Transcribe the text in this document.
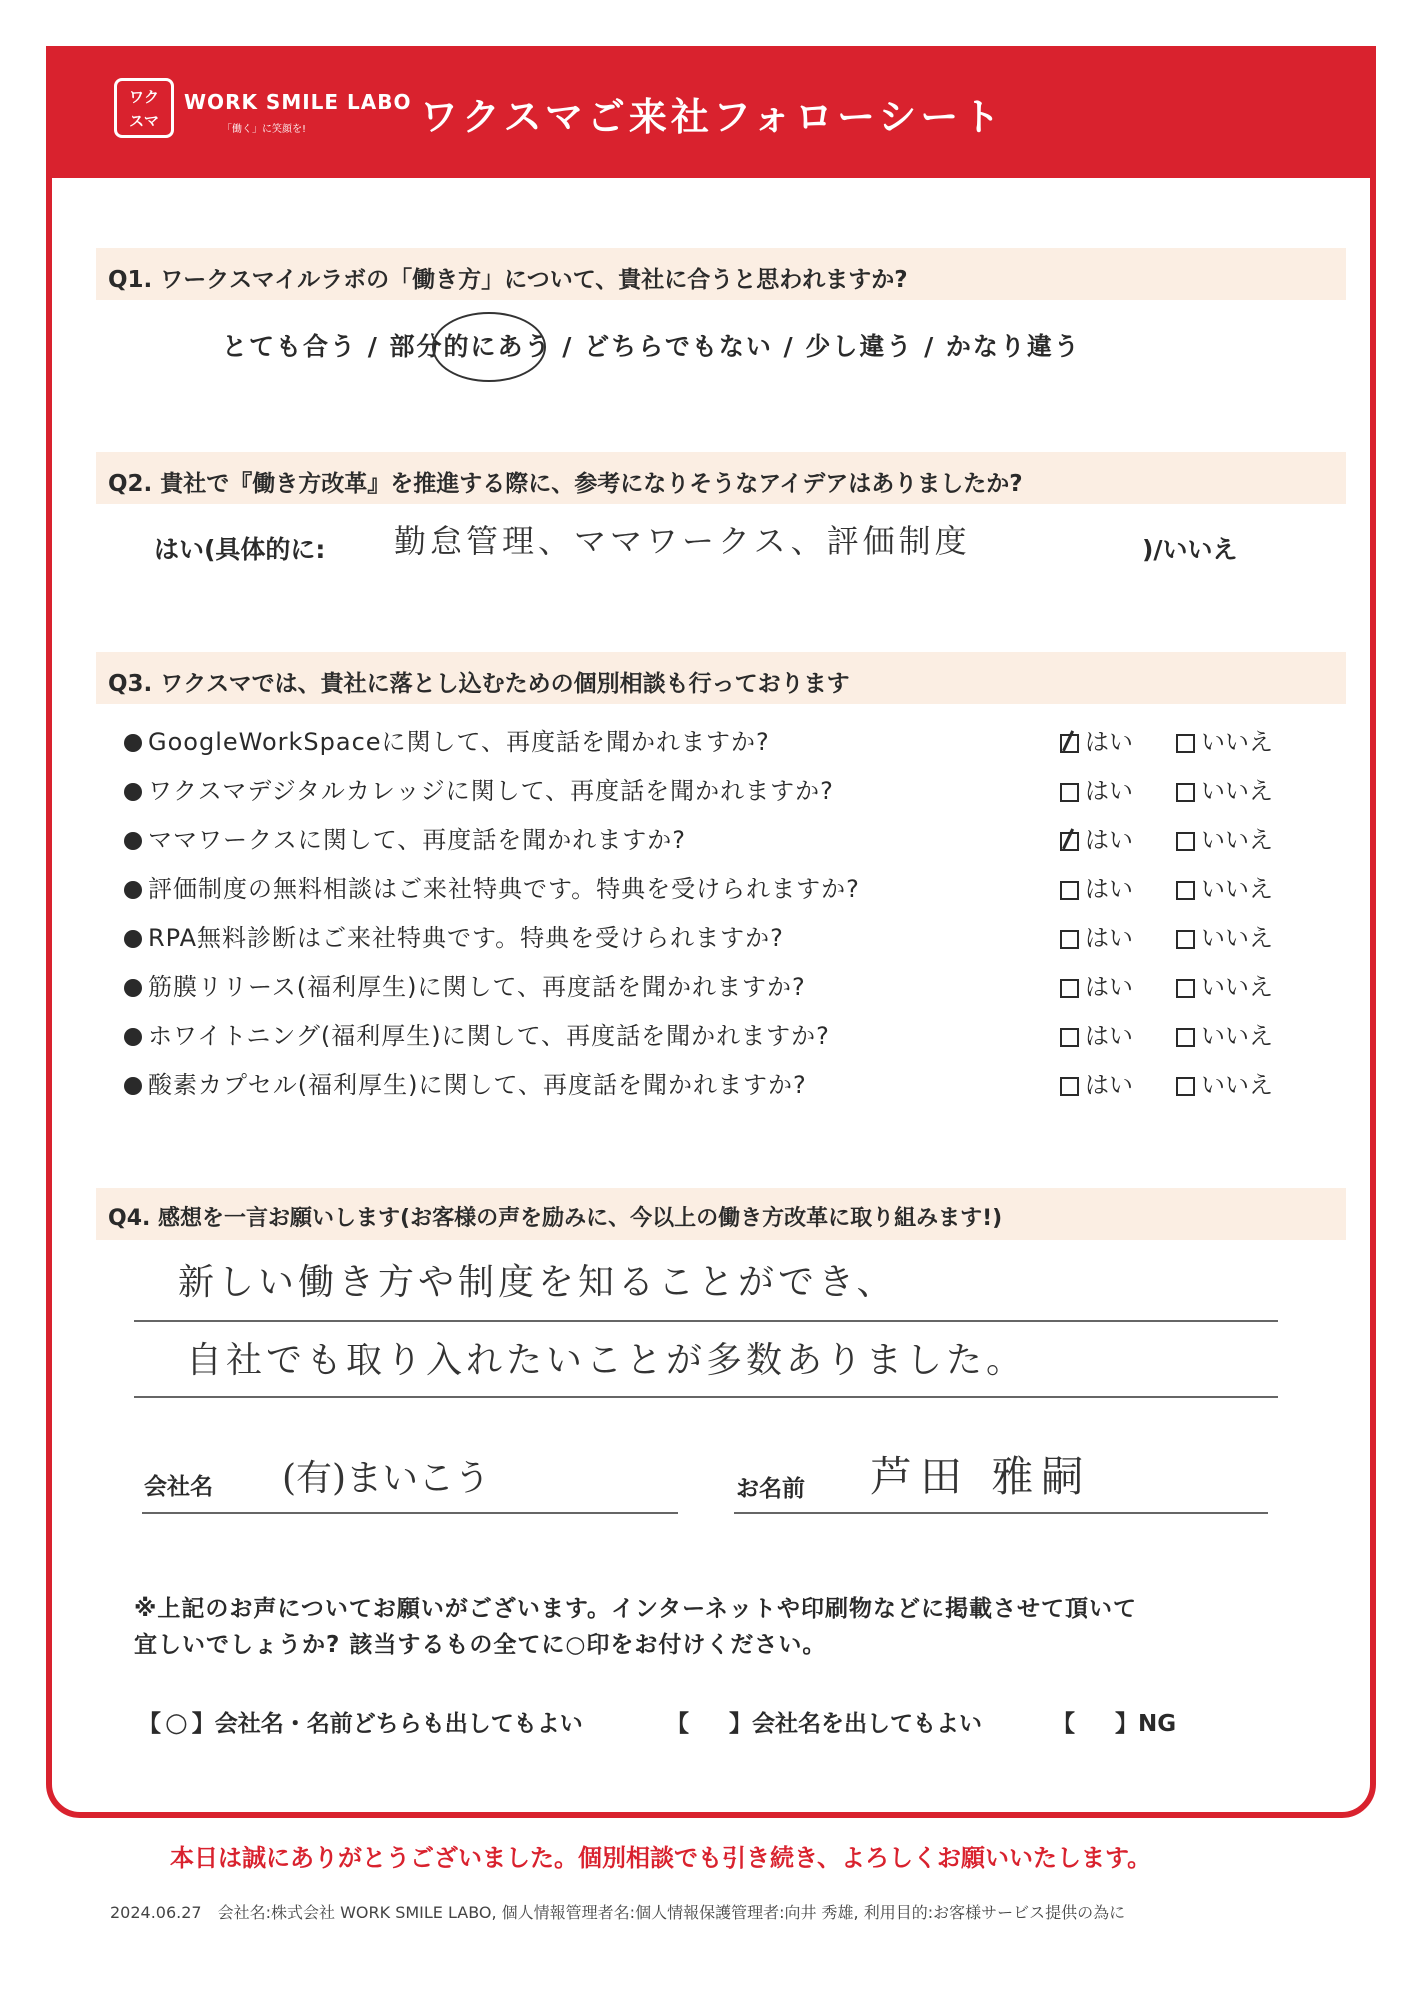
ワク
スマ
WORK SMILE LABO
「働く」に笑顔を!	ワクスマご来社フォローシート
Q1. ワークスマイルラボの「働き方」について、貴社に合うと思われますか?
とても合う / 部分的にあう / どちらでもない / 少し違う / かなり違う
Q2. 貴社で『働き方改革』を推進する際に、参考になりそうなアイデアはありましたか?
はい(具体的に: 勤怠管理、ママワークス、評価制度	)/いいえ
Q3. ワクスマでは、貴社に落とし込むための個別相談も行っております
GoogleWorkSpaceに関して、再度話を聞かれますか?	はい	いいえ
ワクスマデジタルカレッジに関して、再度話を聞かれますか?	はい	いいえ
ママワークスに関して、再度話を聞かれますか?	はい	いいえ
評価制度の無料相談はご来社特典です。特典を受けられますか?	はい	いいえ
RPA無料診断はご来社特典です。特典を受けられますか?	はい	いいえ
筋膜リリース(福利厚生)に関して、再度話を聞かれますか?	はい	いいえ
ホワイトニング(福利厚生)に関して、再度話を聞かれますか?	はい	いいえ
酸素カプセル(福利厚生)に関して、再度話を聞かれますか?	はい	いいえ
Q4. 感想を一言お願いします(お客様の声を励みに、今以上の働き方改革に取り組みます!)
新しい働き方や制度を知ることができ、
自社でも取り入れたいことが多数ありました。
会社名 (有)まいこう	お名前 芦田 雅嗣
※上記のお声についてお願いがございます。インターネットや印刷物などに掲載させて頂いて
宜しいでしょうか? 該当するもの全てに○印をお付けください。
【 ○ 】会社名・名前どちらも出してもよい	【 】会社名を出してもよい	【 】NG
本日は誠にありがとうございました。個別相談でも引き続き、よろしくお願いいたします。
2024.06.27　会社名:株式会社 WORK SMILE LABO, 個人情報管理者名:個人情報保護管理者:向井 秀雄, 利用目的:お客様サービス提供の為に
